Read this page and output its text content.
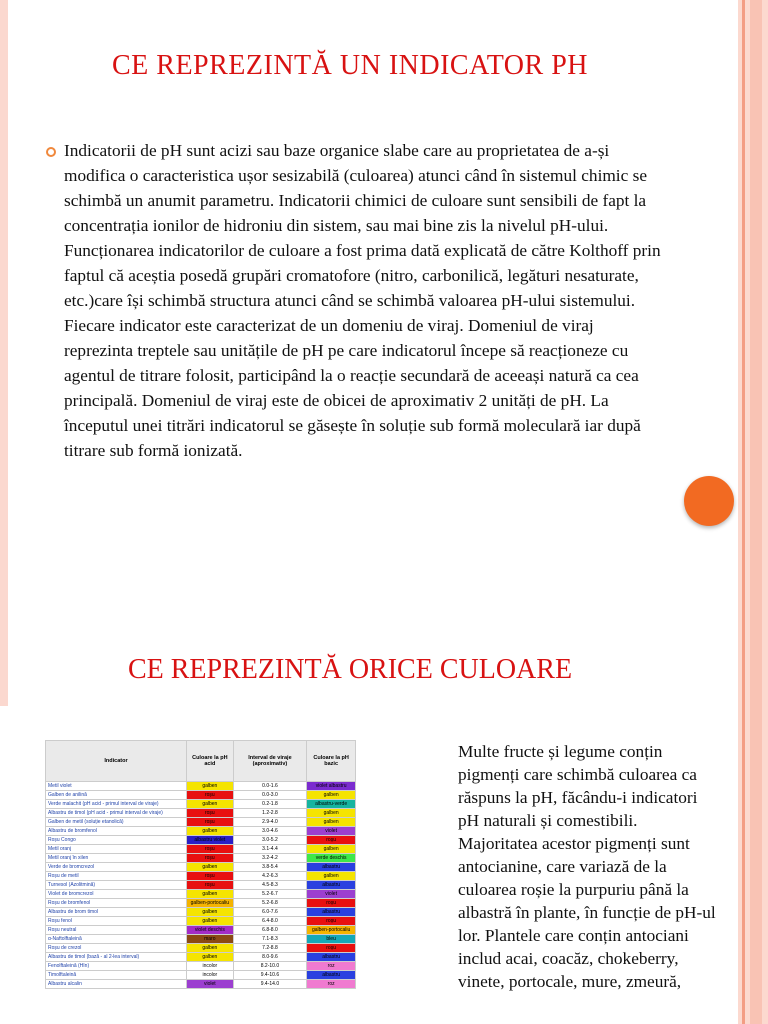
CE REPREZINTĂ UN INDICATOR PH
Indicatorii de pH sunt acizi sau baze organice slabe care au proprietatea de a-și modifica o caracteristica ușor sesizabilă (culoarea) atunci când în sistemul chimic se schimbă un anumit parametru. Indicatorii chimici de culoare sunt sensibili de fapt la concentrația ionilor de hidroniu din sistem, sau mai bine zis la nivelul pH-ului. Funcționarea indicatorilor de culoare a fost prima dată explicată de către Kolthoff prin faptul că aceștia posedă grupări cromatofore (nitro, carbonilică, legături nesaturate, etc.)care își schimbă structura atunci când se schimbă valoarea pH-ului sistemului. Fiecare indicator este caracterizat de un domeniu de viraj. Domeniul de viraj reprezinta treptele sau unitățile de pH pe care indicatorul începe să reacționeze cu agentul de titrare folosit, participând la o reacție secundară de aceeași natură ca cea principală. Domeniul de viraj este de obicei de aproximativ 2 unități de pH. La începutul unei titrări indicatorul se găsește în soluție sub formă moleculară iar după titrare sub formă ionizată.
CE REPREZINTĂ ORICE CULOARE
Indicator	Culoare la pH acid	Interval de viraje (aproximativ)	Culoare la pH bazic
Metil violet	galben	0.0-1.6	violet albastru
Galben de anilină	roșu	0.0-3.0	galben
Verde malachit (pH acid - primul interval de viraje)	galben	0.2-1.8	albastru-verde
Albastru de timol (pH acid - primul interval de viraje)	roșu	1.2-2.8	galben
Galben de metil (soluție etanolică)	roșu	2.9-4.0	galben
Albastru de bromfenol	galben	3.0-4.6	violet
Roșu Congo	albastru violet	3.0-5.2	roșu
Metil oranj	roșu	3.1-4.4	galben
Metil oranj în xilen	roșu	3.2-4.2	verde deschis
Verde de bromcrezol	galben	3.8-5.4	albastru
Roșu de metil	roșu	4.2-6.3	galben
Turnesol (Azolitmină)	roșu	4.5-8.3	albastru
Violet de bromcrezol	galben	5.2-6.7	violet
Roșu de bromfenol	galben-portocaliu	5.2-6.8	roșu
Albastru de brom timol	galben	6.0-7.6	albastru
Roșu fenol	galben	6.4-8.0	roșu
Roșu neutral	violet deschis	6.8-8.0	galben-portocaliu
α-Naftolftaleină	maro	7.1-8.3	bleu
Roșu de crezol	galben	7.2-8.8	roșu
Albastru de timol (bază - al 2-lea interval)	galben	8.0-9.6	albastru
Fenolftaleină (HIn)	incolor	8.2-10.0	roz
Timolftaleină	incolor	9.4-10.6	albastru
Albastru alcalin	violet	9.4-14.0	roz
Multe fructe și legume conțin pigmenți care schimbă culoarea ca răspuns la pH, făcându-i indicatori pH naturali și comestibili. Majoritatea acestor pigmenți sunt antocianine, care variază de la culoarea roșie la purpuriu până la albastră în plante, în funcție de pH-ul lor. Plantele care conțin antociani includ acai, coacăz, chokeberry, vinete, portocale, mure, zmeură,
